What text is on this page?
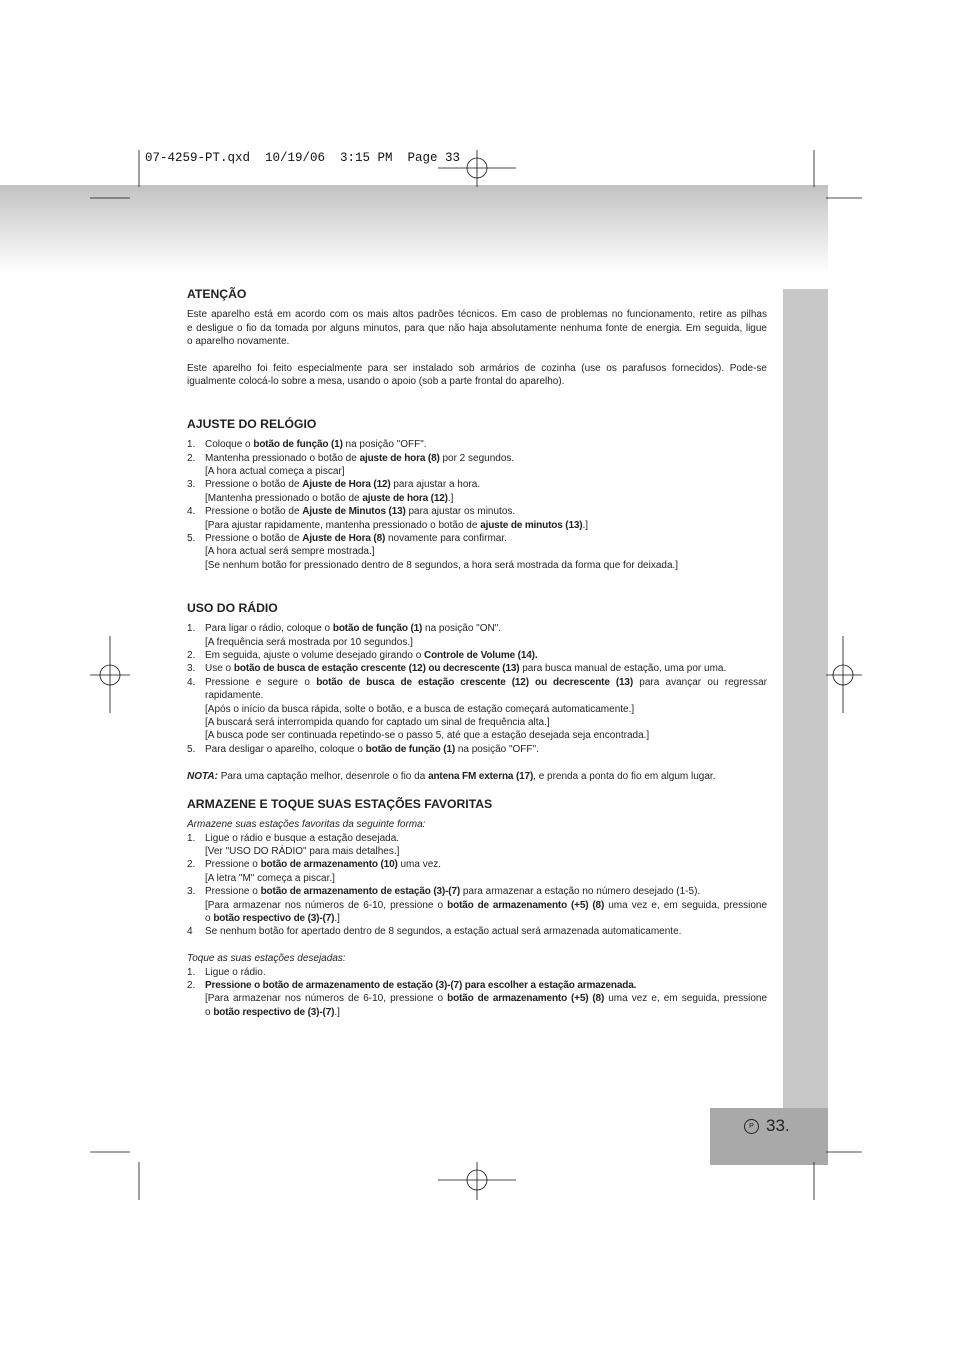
P 33.
07-4259-PT.qxd  10/19/06  3:15 PM  Page 33
ATENÇÃO
Este aparelho está em acordo com os mais altos padrões técnicos. Em caso de problemas no funcionamento, retire as pilhas
e desligue o fio da tomada por alguns minutos, para que não haja absolutamente nenhuma fonte de energia. Em seguida, ligue
o aparelho novamente.
Este aparelho foi feito especialmente para ser instalado sob armários de cozinha (use os parafusos fornecidos). Pode-se
igualmente colocá-lo sobre a mesa, usando o apoio (sob a parte frontal do aparelho).
AJUSTE DO RELÓGIO
1. Coloque o botão de função (1) na posição "OFF".
2. Mantenha pressionado o botão de ajuste de hora (8) por 2 segundos.
[A hora actual começa a piscar]
3. Pressione o botão de Ajuste de Hora (12) para ajustar a hora.
[Mantenha pressionado o botão de ajuste de hora (12).]
4. Pressione o botão de Ajuste de Minutos (13) para ajustar os minutos.
[Para ajustar rapidamente, mantenha pressionado o botão de ajuste de minutos (13).]
5. Pressione o botão de Ajuste de Hora (8) novamente para confirmar.
[A hora actual será sempre mostrada.]
[Se nenhum botão for pressionado dentro de 8 segundos, a hora será mostrada da forma que for deixada.]
USO DO RÁDIO
1. Para ligar o rádio, coloque o botão de função (1) na posição "ON".
[A frequência será mostrada por 10 segundos.]
2. Em seguida, ajuste o volume desejado girando o Controle de Volume (14).
3. Use o botão de busca de estação crescente (12) ou decrescente (13) para busca manual de estação, uma por uma.
4. Pressione e segure o botão de busca de estação crescente (12) ou decrescente (13) para avançar ou regressar
rapidamente.
[Após o início da busca rápida, solte o botão, e a busca de estação começará automaticamente.]
[A buscará será interrompida quando for captado um sinal de frequência alta.]
[A busca pode ser continuada repetindo-se o passo 5, até que a estação desejada seja encontrada.]
5. Para desligar o aparelho, coloque o botão de função (1) na posição "OFF".
NOTA: Para uma captação melhor, desenrole o fio da antena FM externa (17), e prenda a ponta do fio em algum lugar.
ARMAZENE E TOQUE SUAS ESTAÇÕES FAVORITAS
Armazene suas estações favoritas da seguinte forma:
1. Ligue o rádio e busque a estação desejada.
[Ver "USO DO RÁDIO" para mais detalhes.]
2. Pressione o botão de armazenamento (10) uma vez.
[A letra "M" começa a piscar.]
3. Pressione o botão de armazenamento de estação (3)-(7) para armazenar a estação no número desejado (1-5).
[Para armazenar nos números de 6-10, pressione o botão de armazenamento (+5) (8) uma vez e, em seguida, pressione
o botão respectivo de (3)-(7).]
4 Se nenhum botão for apertado dentro de 8 segundos, a estação actual será armazenada automaticamente.
Toque as suas estações desejadas:
1. Ligue o rádio.
2. Pressione o botão de armazenamento de estação (3)-(7) para escolher a estação armazenada.
[Para armazenar nos números de 6-10, pressione o botão de armazenamento (+5) (8) uma vez e, em seguida, pressione
o botão respectivo de (3)-(7).]
